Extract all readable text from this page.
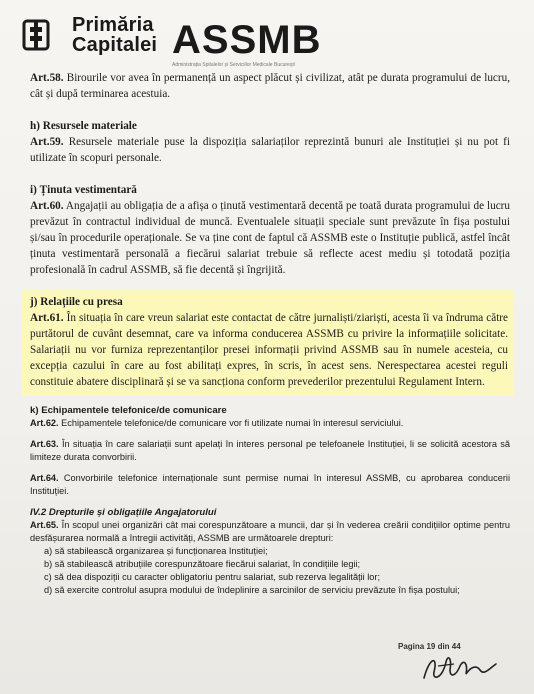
Primăria
Capitalei ASSMB
Administrația Spitalelor și Serviciilor Medicale București

Art.58. Birourile vor avea în permanență un aspect plăcut și civilizat, atât pe durata programului de lucru, cât și după terminarea acestuia.

h) Resursele materiale

Art.59. Resursele materiale puse la dispoziția salariaților reprezintă bunuri ale Instituției și nu pot fi utilizate în scopuri personale.

i) Ținuta vestimentară

Art.60. Angajații au obligația de a afișa o ținută vestimentară decentă pe toată durata programului de lucru prevăzut în contractul individual de muncă. Eventualele situații speciale sunt prevăzute în fișa postului și/sau în procedurile operaționale. Se va ține cont de faptul că ASSMB este o Instituție publică, astfel încât ținuta vestimentară personală a fiecărui salariat trebuie să reflecte acest mediu și totodată poziția profesională în cadrul ASSMB, să fie decentă și îngrijită.

j) Relațiile cu presa

Art.61. În situația în care vreun salariat este contactat de către jurnaliști/ziariști, acesta îi va îndruma către purtătorul de cuvânt desemnat, care va informa conducerea ASSMB cu privire la informațiile solicitate. Salariații nu vor furniza reprezentanților presei informații privind ASSMB sau în numele acesteia, cu excepția cazului în care au fost abilitați expres, în scris, în acest sens. Nerespectarea acestei reguli constituie abatere disciplinară și se va sancționa conform prevederilor prezentului Regulament Intern.

k) Echipamentele telefonice/de comunicare

Art.62. Echipamentele telefonice/de comunicare vor fi utilizate numai în interesul serviciului.

Art.63. În situația în care salariații sunt apelați în interes personal pe telefoanele Instituției, li se solicită acestora să limiteze durata convorbirii.

Art.64. Convorbirile telefonice internaționale sunt permise numai în interesul ASSMB, cu aprobarea conducerii Instituției.

IV.2 Drepturile și obligațiile Angajatorului

Art.65. În scopul unei organizări cât mai corespunzătoare a muncii, dar și în vederea creării condițiilor optime pentru desfășurarea normală a întregii activități, ASSMB are următoarele drepturi:

a) să stabilească organizarea și funcționarea Instituției;
b) să stabilească atribuțiile corespunzătoare fiecărui salariat, în condițiile legii;
c) să dea dispoziții cu caracter obligatoriu pentru salariat, sub rezerva legalității lor;
d) să exercite controlul asupra modului de îndeplinire a sarcinilor de serviciu prevăzute în fișa postului;
Pagina 19 din 44
